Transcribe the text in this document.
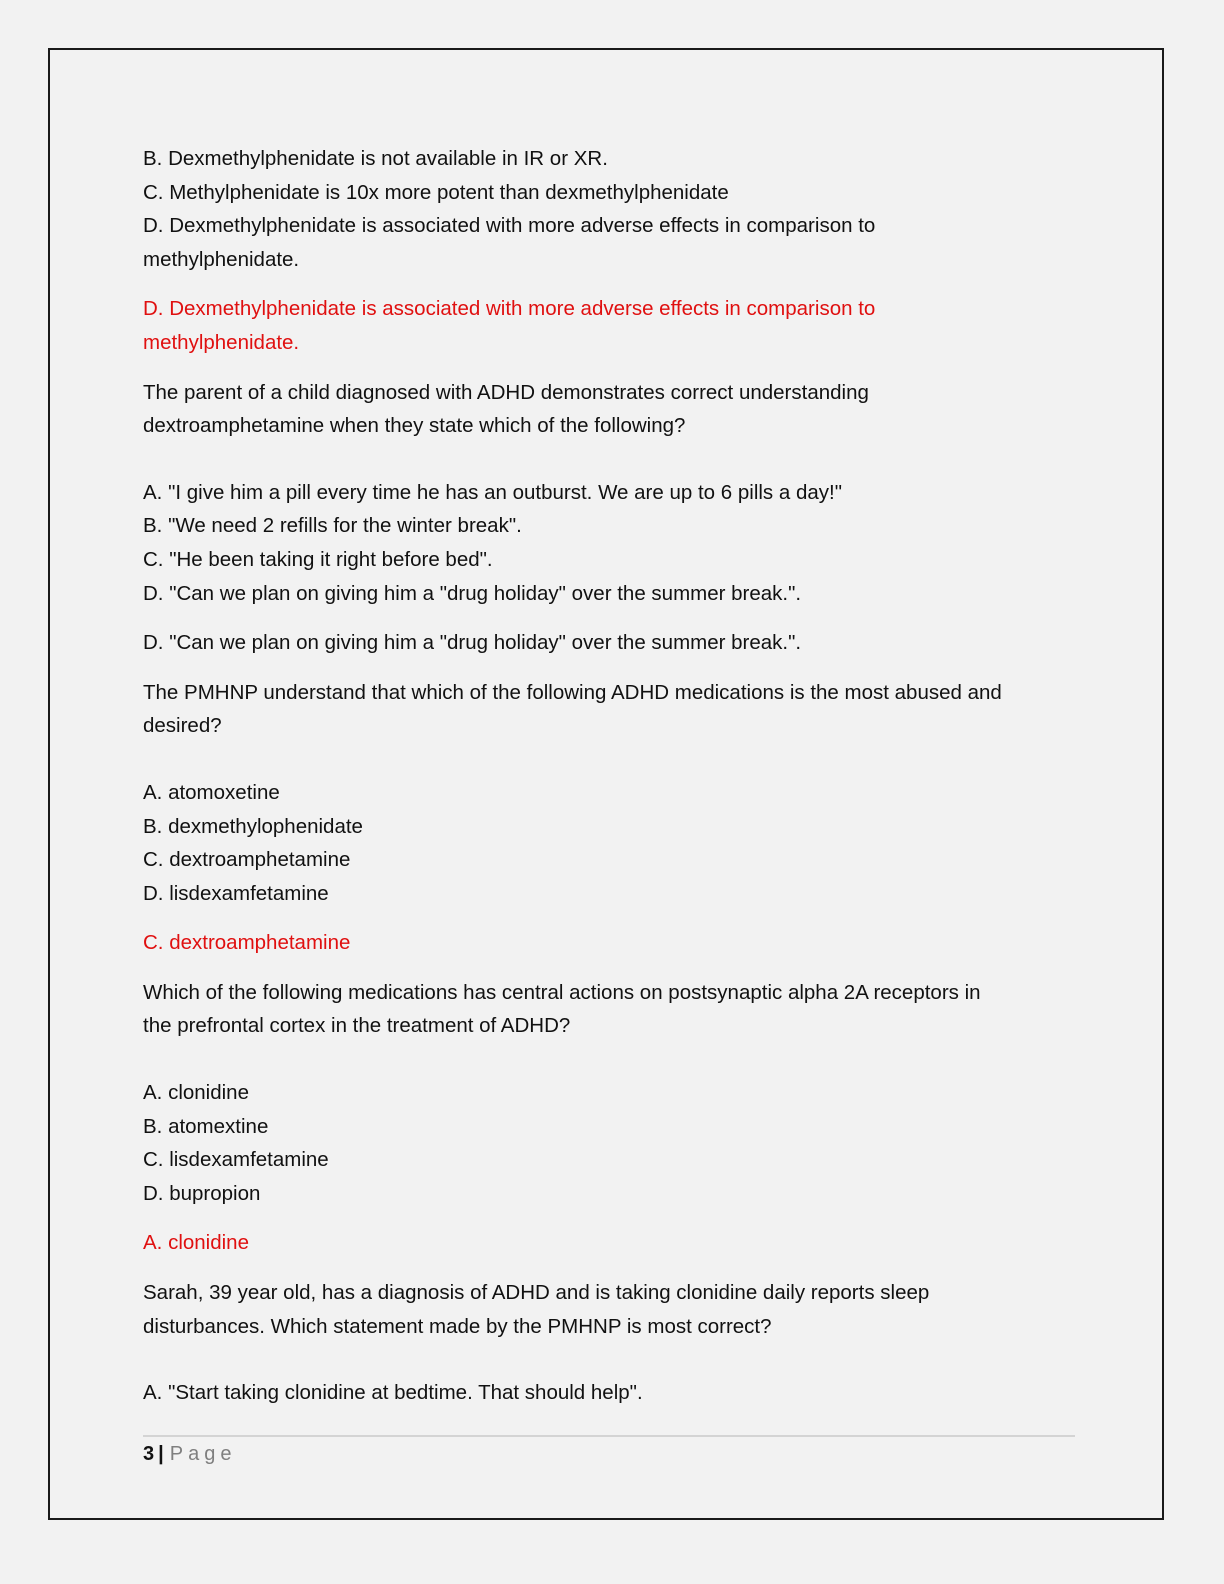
B. Dexmethylphenidate is not available in IR or XR.
C. Methylphenidate is 10x more potent than dexmethylphenidate
D. Dexmethylphenidate is associated with more adverse effects in comparison to
methylphenidate.
D. Dexmethylphenidate is associated with more adverse effects in comparison to
methylphenidate.
The parent of a child diagnosed with ADHD demonstrates correct understanding
dextroamphetamine when they state which of the following?
A. "I give him a pill every time he has an outburst. We are up to 6 pills a day!"
B. "We need 2 refills for the winter break".
C. "He been taking it right before bed".
D. "Can we plan on giving him a "drug holiday" over the summer break.".
D. "Can we plan on giving him a "drug holiday" over the summer break.".
The PMHNP understand that which of the following ADHD medications is the most abused and
desired?
A. atomoxetine
B. dexmethylophenidate
C. dextroamphetamine
D. lisdexamfetamine
C. dextroamphetamine
Which of the following medications has central actions on postsynaptic alpha 2A receptors in
the prefrontal cortex in the treatment of ADHD?
A. clonidine
B. atomextine
C. lisdexamfetamine
D. bupropion
A. clonidine
Sarah, 39 year old, has a diagnosis of ADHD and is taking clonidine daily reports sleep
disturbances. Which statement made by the PMHNP is most correct?
A. "Start taking clonidine at bedtime. That should help".
3 | Page
